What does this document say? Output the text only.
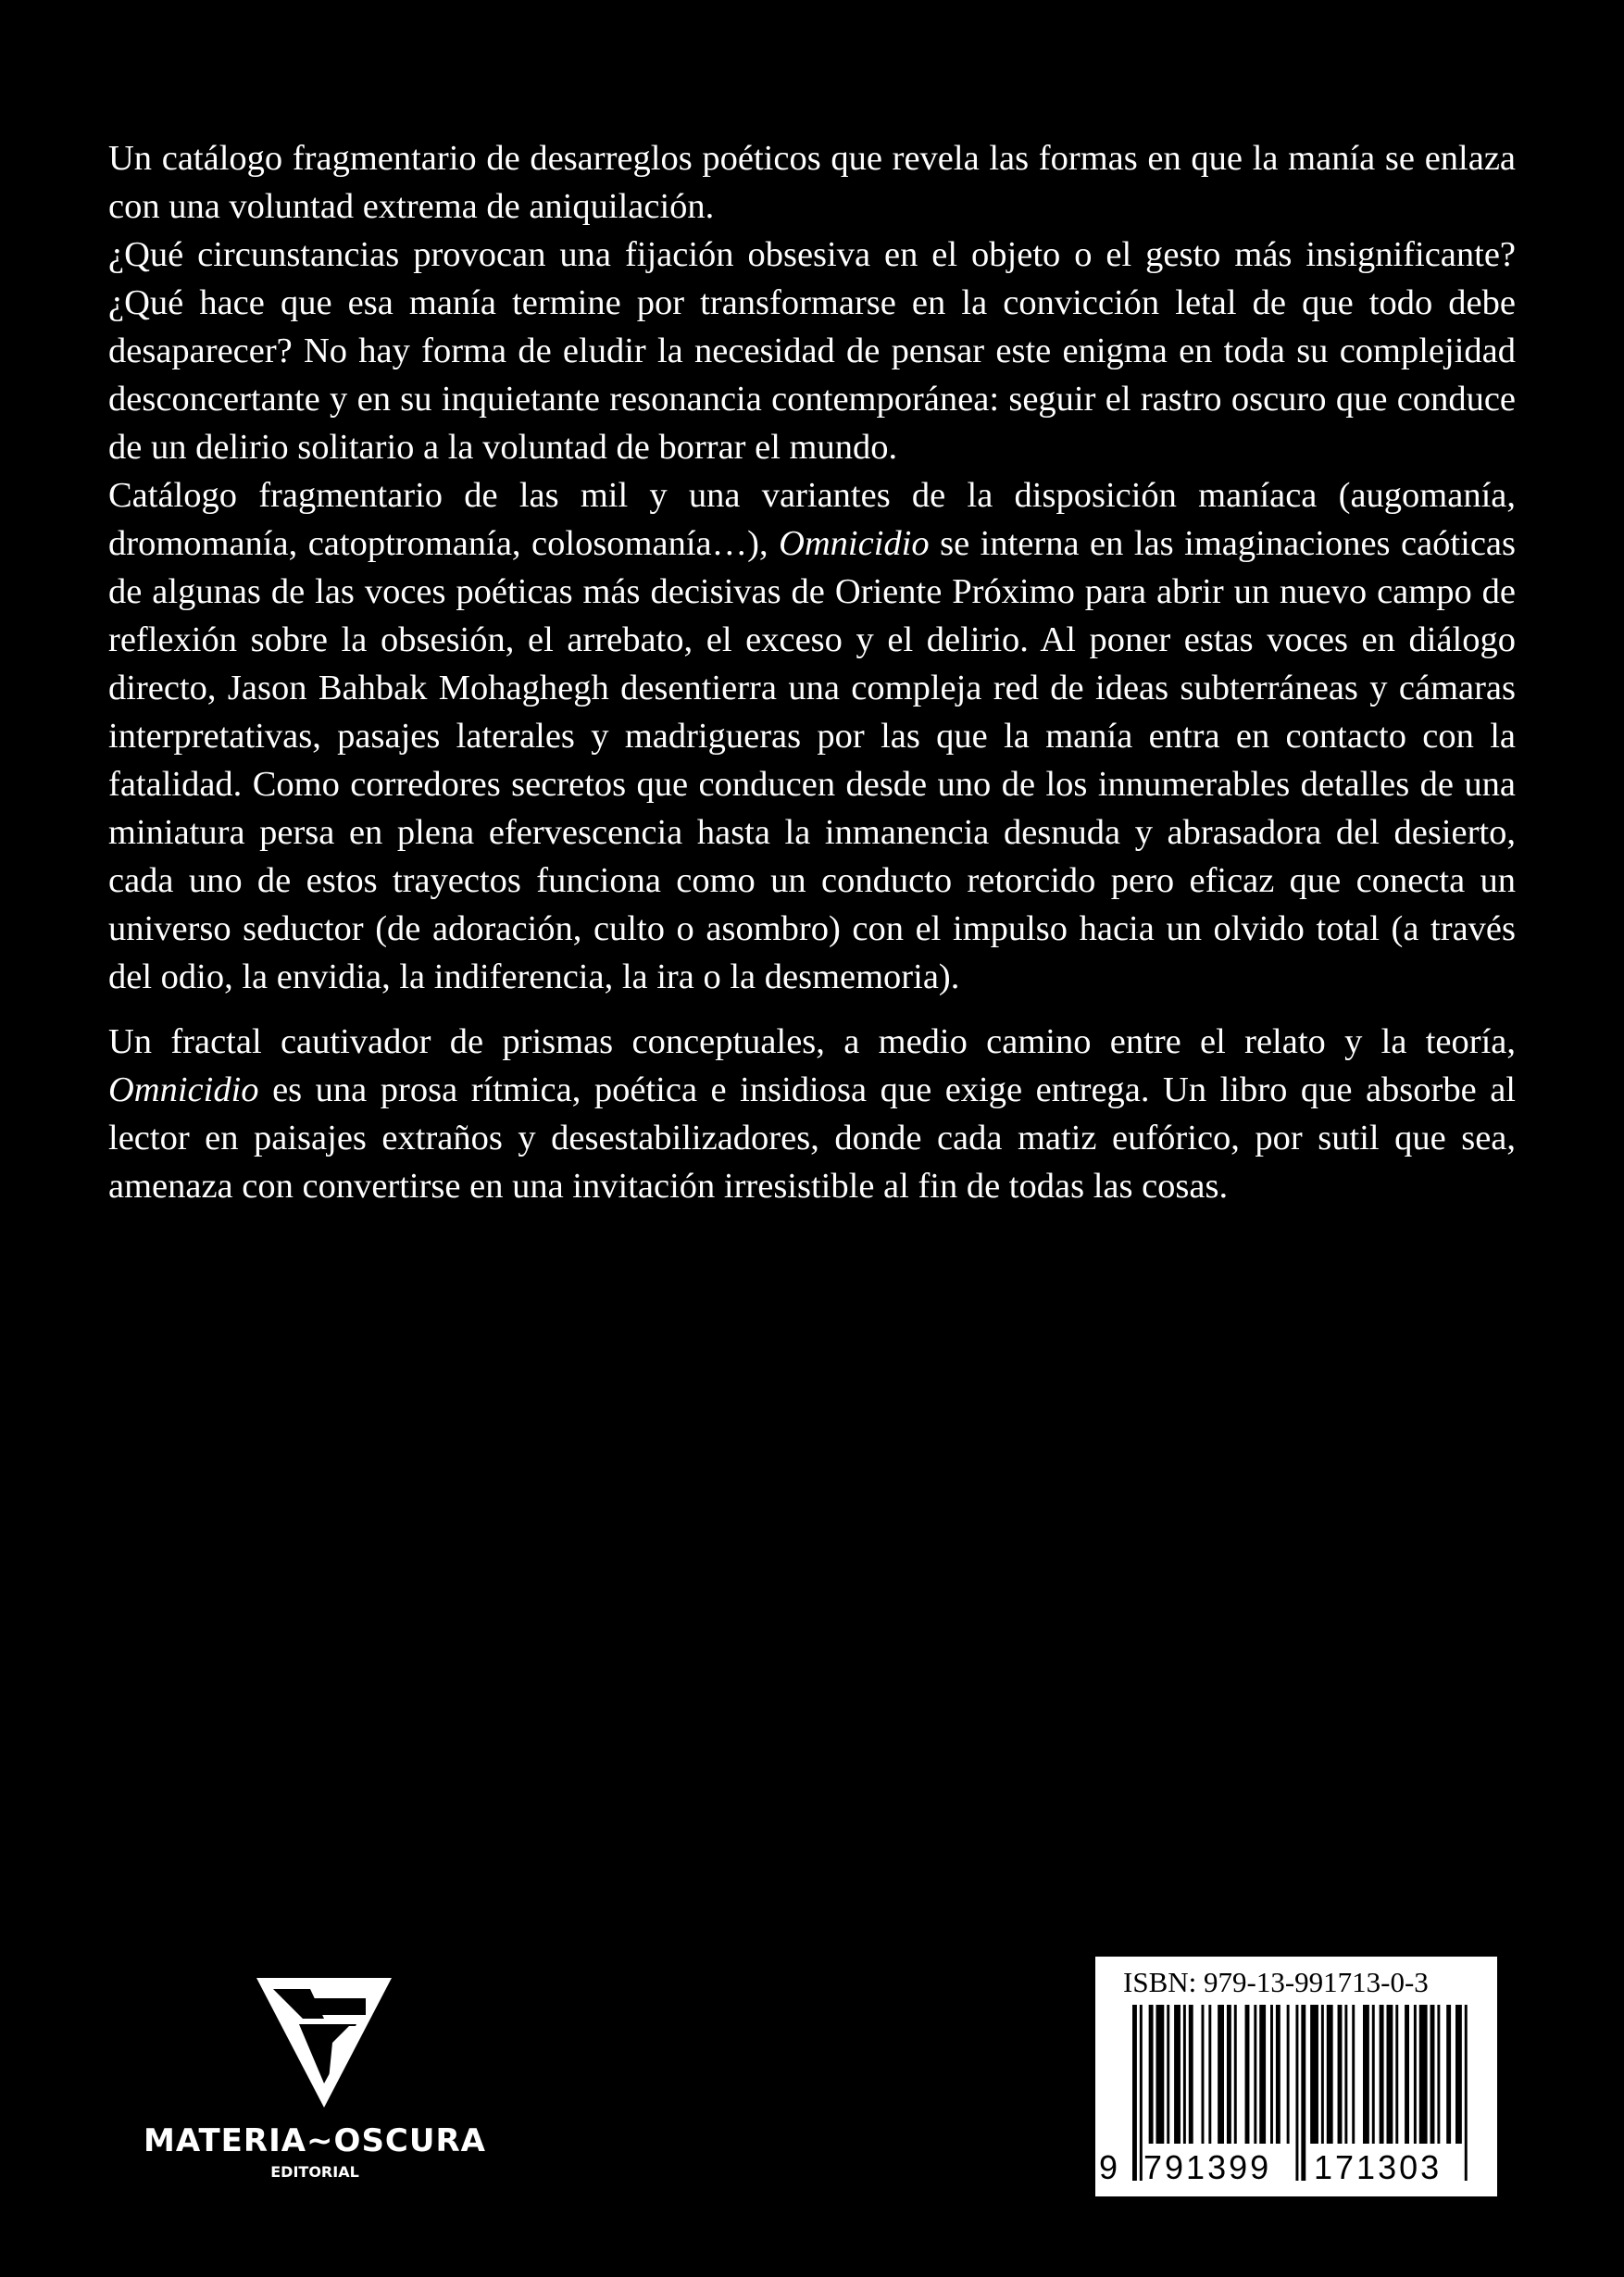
Un catálogo fragmentario de desarreglos poéticos que revela las formas en que la manía se enlaza con una voluntad extrema de aniquilación.

¿Qué circunstancias provocan una fijación obsesiva en el objeto o el gesto más insignificante? ¿Qué hace que esa manía termine por transformarse en la convicción letal de que todo debe desaparecer? No hay forma de eludir la necesidad de pensar este enigma en toda su complejidad desconcertante y en su inquietante resonancia contemporánea: seguir el rastro oscuro que conduce de un delirio solitario a la voluntad de borrar el mundo.

Catálogo fragmentario de las mil y una variantes de la disposición maníaca (augomanía, dromomanía, catoptromanía, colosomanía…), Omnicidio se interna en las imaginaciones caóticas de algunas de las voces poéticas más decisivas de Oriente Próximo para abrir un nuevo campo de reflexión sobre la obsesión, el arrebato, el exceso y el delirio. Al poner estas voces en diálogo directo, Jason Bahbak Mohaghegh desentierra una compleja red de ideas subterráneas y cámaras interpretativas, pasajes laterales y madrigueras por las que la manía entra en contacto con la fatalidad. Como corredores secretos que conducen desde uno de los innumerables detalles de una miniatura persa en plena efervescencia hasta la inmanencia desnuda y abrasadora del desierto, cada uno de estos trayectos funciona como un conducto retorcido pero eficaz que conecta un universo seductor (de adoración, culto o asombro) con el impulso hacia un olvido total (a través del odio, la envidia, la indiferencia, la ira o la desmemoria).

Un fractal cautivador de prismas conceptuales, a medio camino entre el relato y la teoría, Omnicidio es una prosa rítmica, poética e insidiosa que exige entrega. Un libro que absorbe al lector en paisajes extraños y desestabilizadores, donde cada matiz eufórico, por sutil que sea, amenaza con convertirse en una invitación irresistible al fin de todas las cosas.

MATERIA~OSCURA
EDITORIAL
ISBN: 979-13-991713-0-3
9 791399 171303
